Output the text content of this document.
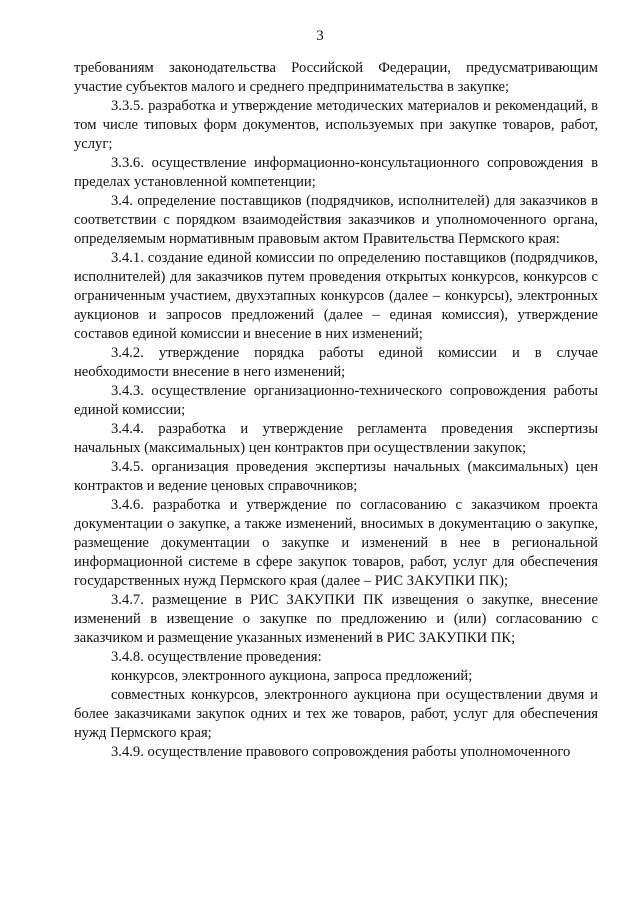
3

требованиям законодательства Российской Федерации, предусматривающим участие субъектов малого и среднего предпринимательства в закупке;

3.3.5. разработка и утверждение методических материалов и рекомендаций, в том числе типовых форм документов, используемых при закупке товаров, работ, услуг;

3.3.6. осуществление информационно-консультационного сопровождения в пределах установленной компетенции;

3.4. определение поставщиков (подрядчиков, исполнителей) для заказчиков в соответствии с порядком взаимодействия заказчиков и уполномоченного органа, определяемым нормативным правовым актом Правительства Пермского края:

3.4.1. создание единой комиссии по определению поставщиков (подрядчиков, исполнителей) для заказчиков путем проведения открытых конкурсов, конкурсов с ограниченным участием, двухэтапных конкурсов (далее – конкурсы), электронных аукционов и запросов предложений (далее – единая комиссия), утверждение составов единой комиссии и внесение в них изменений;

3.4.2. утверждение порядка работы единой комиссии и в случае необходимости внесение в него изменений;

3.4.3. осуществление организационно-технического сопровождения работы единой комиссии;

3.4.4. разработка и утверждение регламента проведения экспертизы начальных (максимальных) цен контрактов при осуществлении закупок;

3.4.5. организация проведения экспертизы начальных (максимальных) цен контрактов и ведение ценовых справочников;

3.4.6. разработка и утверждение по согласованию с заказчиком проекта документации о закупке, а также изменений, вносимых в документацию о закупке, размещение документации о закупке и изменений в нее в региональной информационной системе в сфере закупок товаров, работ, услуг для обеспечения государственных нужд Пермского края (далее – РИС ЗАКУПКИ ПК);

3.4.7. размещение в РИС ЗАКУПКИ ПК извещения о закупке, внесение изменений в извещение о закупке по предложению и (или) согласованию с заказчиком и размещение указанных изменений в РИС ЗАКУПКИ ПК;

3.4.8. осуществление проведения:

конкурсов, электронного аукциона, запроса предложений;

совместных конкурсов, электронного аукциона при осуществлении двумя и более заказчиками закупок одних и тех же товаров, работ, услуг для обеспечения нужд Пермского края;

3.4.9. осуществление правового сопровождения работы уполномоченного
